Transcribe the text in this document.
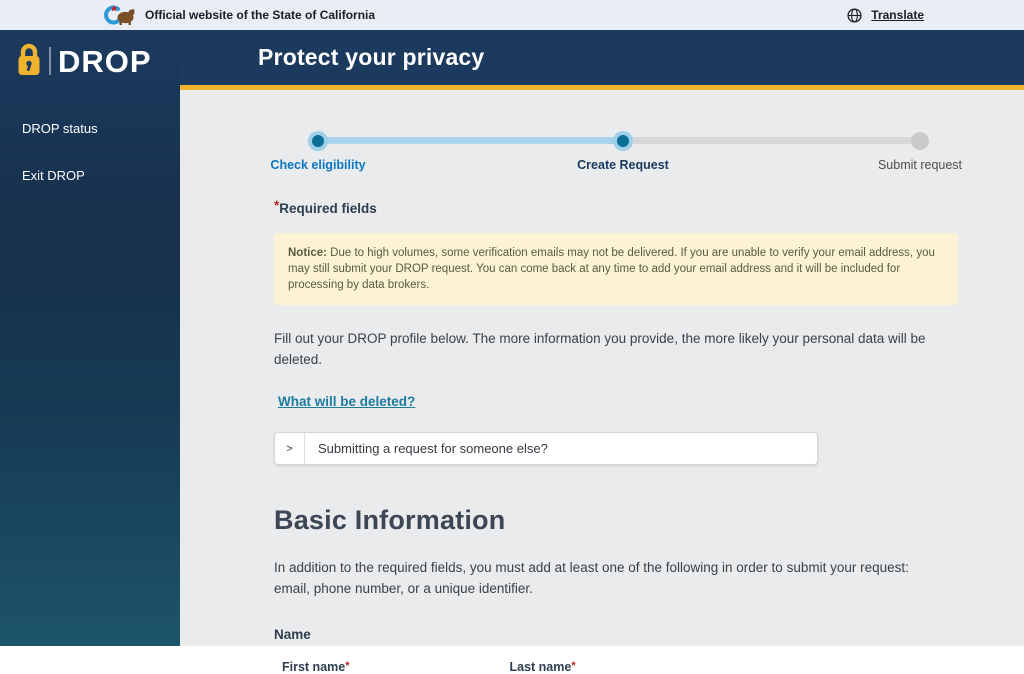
Official website of the State of California	Translate
DROP
DROP status
Exit DROP
Protect your privacy
Check eligibility	Create Request	Submit request
*Required fields
Notice: Due to high volumes, some verification emails may not be delivered. If you are unable to verify your email address, you may still submit your DROP request. You can come back at any time to add your email address and it will be included for processing by data brokers.

Fill out your DROP profile below. The more information you provide, the more likely your personal data will be deleted.

What will be deleted?
>	Submitting a request for someone else?
Basic Information

In addition to the required fields, you must add at least one of the following in order to submit your request: email, phone number, or a unique identifier.

Name
First name*	Last name*
